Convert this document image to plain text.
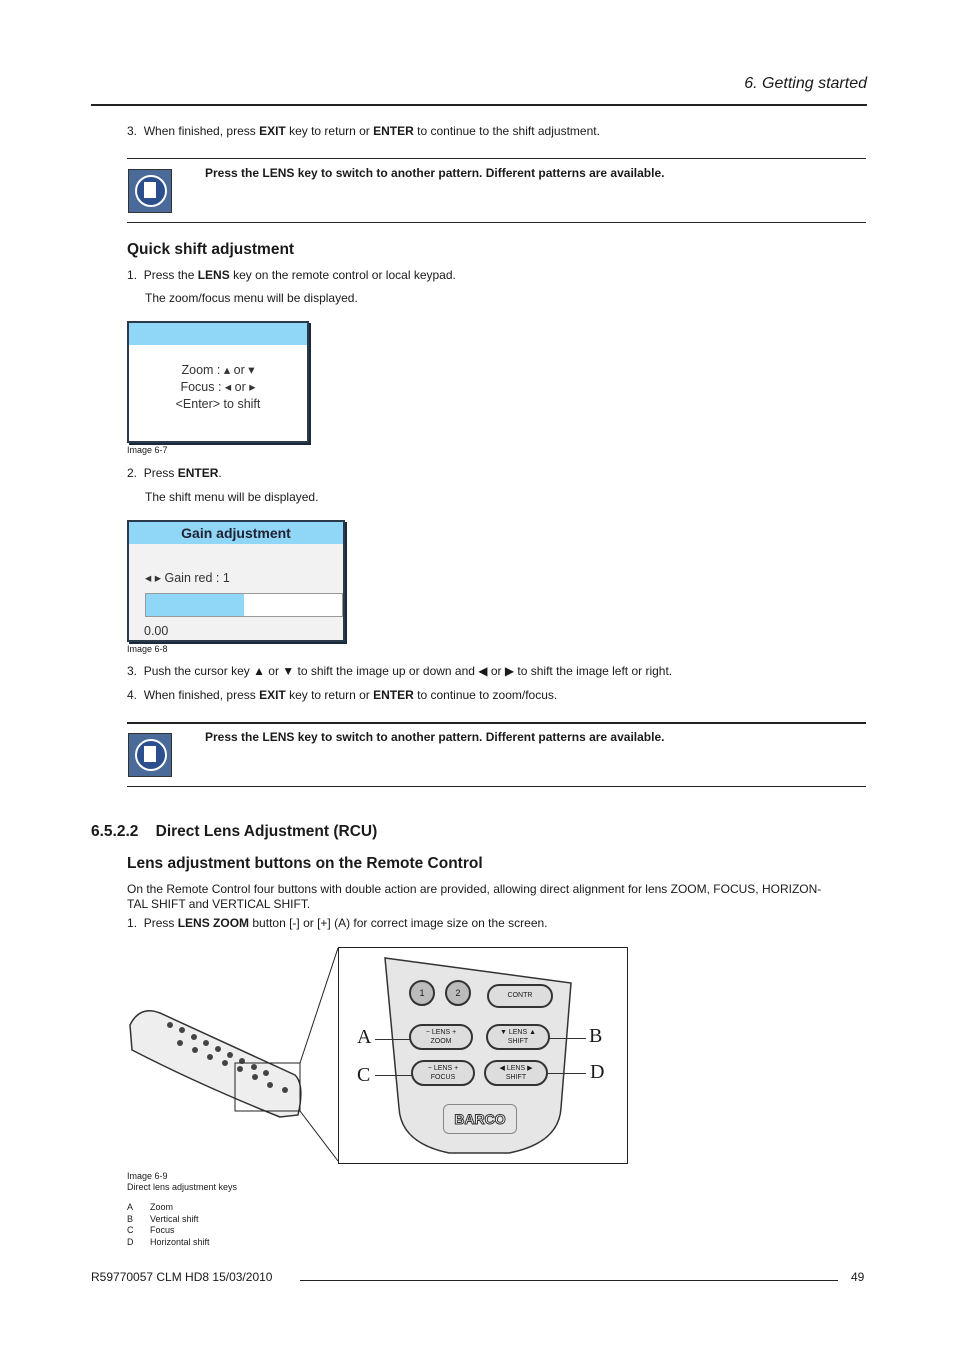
6. Getting started
3. When finished, press EXIT key to return or ENTER to continue to the shift adjustment.
Press the LENS key to switch to another pattern. Different patterns are available.
Quick shift adjustment
1. Press the LENS key on the remote control or local keypad.
The zoom/focus menu will be displayed.
Zoom : ▴ or ▾
Focus : ◂ or ▸
<Enter> to shift
Image 6-7
2. Press ENTER.
The shift menu will be displayed.
Gain adjustment
◂ ▸ Gain red : 1
0.00
Image 6-8
3. Push the cursor key ▲ or ▼ to shift the image up or down and ◀ or ▶ to shift the image left or right.
4. When finished, press EXIT key to return or ENTER to continue to zoom/focus.
Press the LENS key to switch to another pattern. Different patterns are available.
6.5.2.2 Direct Lens Adjustment (RCU)
Lens adjustment buttons on the Remote Control
On the Remote Control four buttons with double action are provided, allowing direct alignment for lens ZOOM, FOCUS, HORIZON-
TAL SHIFT and VERTICAL SHIFT.
1. Press LENS ZOOM button [-] or [+] (A) for correct image size on the screen.
1	2	CONTR
− LENS +
ZOOM
▼ LENS ▲
SHIFT
− LENS +
FOCUS
◀ LENS ▶
SHIFT
BARCO
A	B
C	D
Image 6-9
Direct lens adjustment keys
A Zoom
B Vertical shift
C Focus
D Horizontal shift
R59770057 CLM HD8 15/03/2010	49
